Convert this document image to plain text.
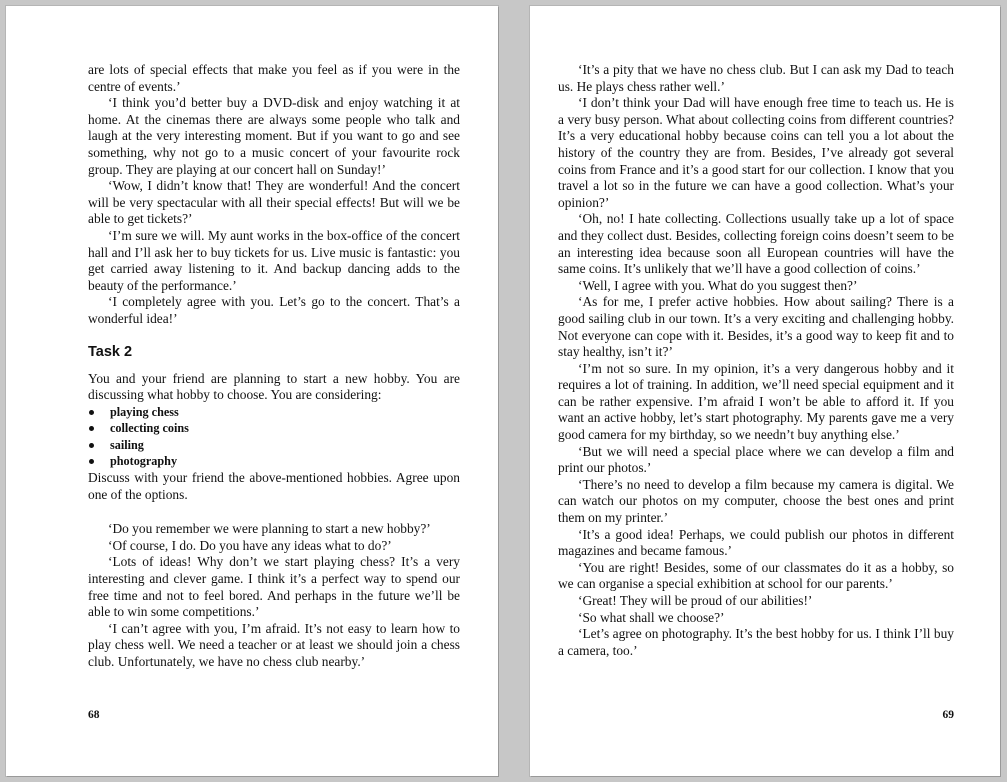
are lots of special effects that make you feel as if you were in the centre of events.’

‘I think you’d better buy a DVD-disk and enjoy watching it at home. At the cinemas there are always some people who talk and laugh at the very interesting moment. But if you want to go and see something, why not go to a music concert of your favourite rock group. They are playing at our concert hall on Sunday!’

‘Wow, I didn’t know that! They are wonderful! And the concert will be very spectacular with all their special effects! But will we be able to get tickets?’

‘I’m sure we will. My aunt works in the box-office of the concert hall and I’ll ask her to buy tickets for us. Live music is fantastic: you get carried away listening to it. And backup dancing adds to the beauty of the performance.’

‘I completely agree with you. Let’s go to the concert. That’s a wonderful idea!’

Task 2

You and your friend are planning to start a new hobby. You are discussing what hobby to choose. You are considering:

playing chess
collecting coins
sailing
photography

Discuss with your friend the above-mentioned hobbies. Agree upon one of the options.

‘Do you remember we were planning to start a new hobby?’

‘Of course, I do. Do you have any ideas what to do?’

‘Lots of ideas! Why don’t we start playing chess? It’s a very interesting and clever game. I think it’s a perfect way to spend our free time and not to feel bored. And perhaps in the future we’ll be able to win some competitions.’

‘I can’t agree with you, I’m afraid. It’s not easy to learn how to play chess well. We need a teacher or at least we should join a chess club. Unfortunately, we have no chess club nearby.’

68

‘It’s a pity that we have no chess club. But I can ask my Dad to teach us. He plays chess rather well.’

‘I don’t think your Dad will have enough free time to teach us. He is a very busy person. What about collecting coins from different countries? It’s a very educational hobby because coins can tell you a lot about the history of the country they are from. Besides, I’ve already got several coins from France and it’s a good start for our collection. I know that you travel a lot so in the future we can have a good collection. What’s your opinion?’

‘Oh, no! I hate collecting. Collections usually take up a lot of space and they collect dust. Besides, collecting foreign coins doesn’t seem to be an interesting idea because soon all European countries will have the same coins. It’s unlikely that we’ll have a good collection of coins.’

‘Well, I agree with you. What do you suggest then?’

‘As for me, I prefer active hobbies. How about sailing? There is a good sailing club in our town. It’s a very exciting and challenging hobby. Not everyone can cope with it. Besides, it’s a good way to keep fit and to stay healthy, isn’t it?’

‘I’m not so sure. In my opinion, it’s a very dangerous hobby and it requires a lot of training. In addition, we’ll need special equipment and it can be rather expensive. I’m afraid I won’t be able to afford it. If you want an active hobby, let’s start photography. My parents gave me a very good camera for my birthday, so we needn’t buy anything else.’

‘But we will need a special place where we can develop a film and print our photos.’

‘There’s no need to develop a film because my camera is digital. We can watch our photos on my computer, choose the best ones and print them on my printer.’

‘It’s a good idea! Perhaps, we could publish our photos in different magazines and became famous.’

‘You are right! Besides, some of our classmates do it as a hobby, so we can organise a special exhibition at school for our parents.’

‘Great! They will be proud of our abilities!’

‘So what shall we choose?’

‘Let’s agree on photography. It’s the best hobby for us. I think I’ll buy a camera, too.’

69
